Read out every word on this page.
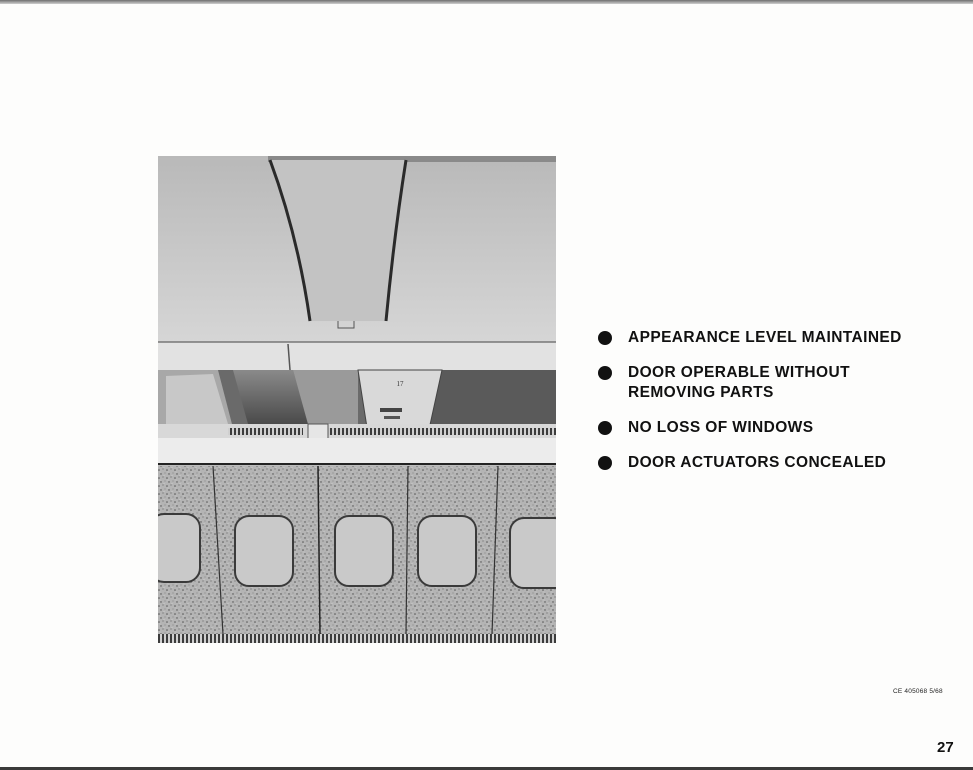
17
APPEARANCE LEVEL MAINTAINED
DOOR OPERABLE WITHOUT
REMOVING PARTS
NO LOSS OF WINDOWS
DOOR ACTUATORS CONCEALED
CE 405068 5/68
27
